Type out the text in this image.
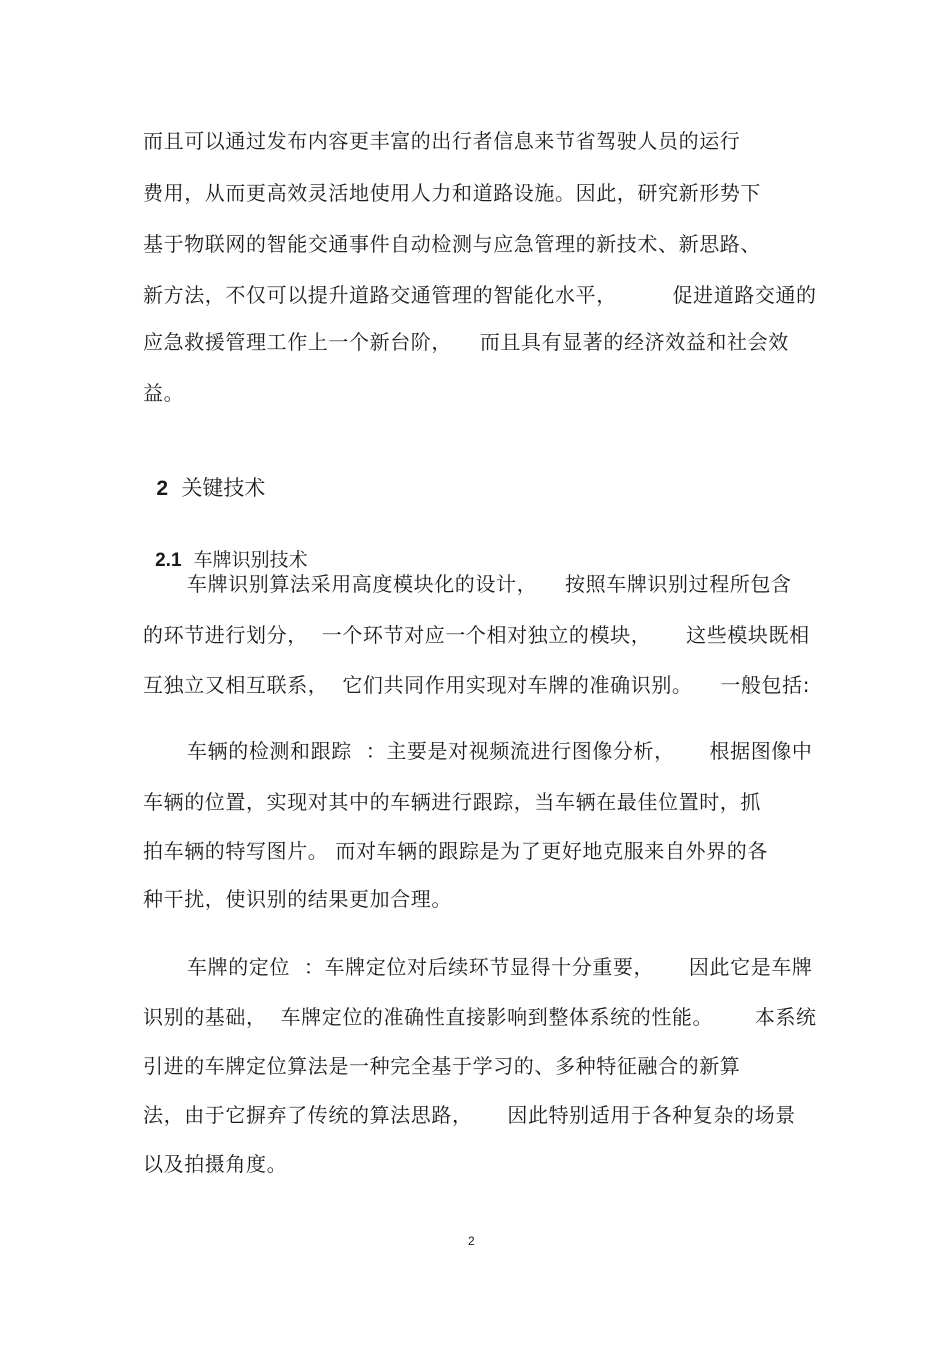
而且可以通过发布内容更丰富的出行者信息来节省驾驶人员的运行
费用，从而更高效灵活地使用人力和道路设施。因此，研究新形势下
基于物联网的智能交通事件自动检测与应急管理的新技术、新思路、
新方法，不仅可以提升道路交通管理的智能化水平，        促进道路交通的
应急救援管理工作上一个新台阶，    而且具有显著的经济效益和社会效
益。

2 关键技术

2.1 车牌识别技术

车牌识别算法采用高度模块化的设计，    按照车牌识别过程所包含
的环节进行划分，  一个环节对应一个相对独立的模块，     这些模块既相
互独立又相互联系，  它们共同作用实现对车牌的准确识别。    一般包括:
车辆的检测和跟踪  ：主要是对视频流进行图像分析，     根据图像中
车辆的位置，实现对其中的车辆进行跟踪，当车辆在最佳位置时，抓
拍车辆的特写图片。 而对车辆的跟踪是为了更好地克服来自外界的各
种干扰，使识别的结果更加合理。
车牌的定位  ：车牌定位对后续环节显得十分重要，     因此它是车牌
识别的基础，  车牌定位的准确性直接影响到整体系统的性能。      本系统
引进的车牌定位算法是一种完全基于学习的、多种特征融合的新算
法，由于它摒弃了传统的算法思路，     因此特别适用于各种复杂的场景
以及拍摄角度。
2
